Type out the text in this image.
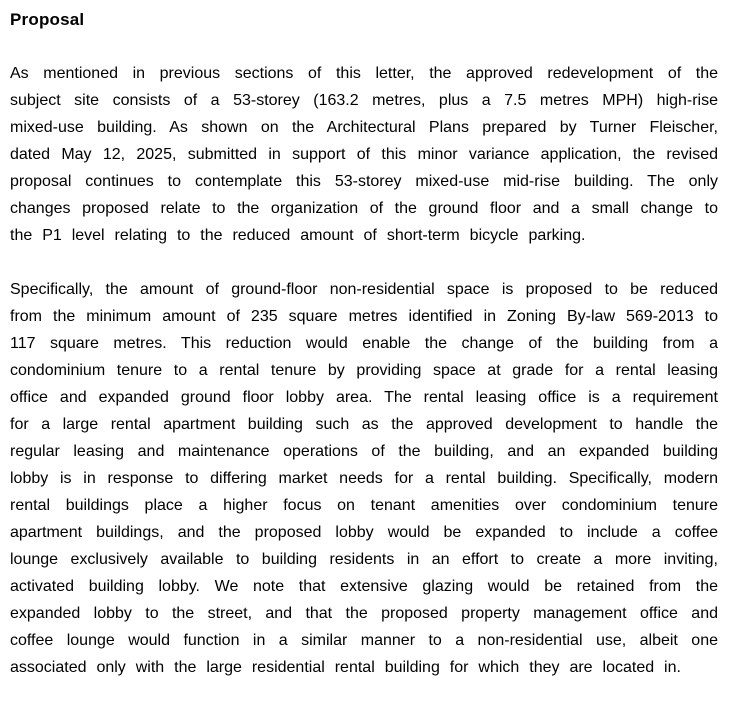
Proposal

As mentioned in previous sections of this letter, the approved redevelopment of the subject site consists of a 53-storey (163.2 metres, plus a 7.5 metres MPH) high-rise mixed-use building. As shown on the Architectural Plans prepared by Turner Fleischer, dated May 12, 2025, submitted in support of this minor variance application, the revised proposal continues to contemplate this 53-storey mixed-use mid-rise building. The only changes proposed relate to the organization of the ground floor and a small change to the P1 level relating to the reduced amount of short-term bicycle parking.

Specifically, the amount of ground-floor non-residential space is proposed to be reduced from the minimum amount of 235 square metres identified in Zoning By-law 569-2013 to 117 square metres. This reduction would enable the change of the building from a condominium tenure to a rental tenure by providing space at grade for a rental leasing office and expanded ground floor lobby area. The rental leasing office is a requirement for a large rental apartment building such as the approved development to handle the regular leasing and maintenance operations of the building, and an expanded building lobby is in response to differing market needs for a rental building. Specifically, modern rental buildings place a higher focus on tenant amenities over condominium tenure apartment buildings, and the proposed lobby would be expanded to include a coffee lounge exclusively available to building residents in an effort to create a more inviting, activated building lobby. We note that extensive glazing would be retained from the expanded lobby to the street, and that the proposed property management office and coffee lounge would function in a similar manner to a non-residential use, albeit one associated only with the large residential rental building for which they are located in.
